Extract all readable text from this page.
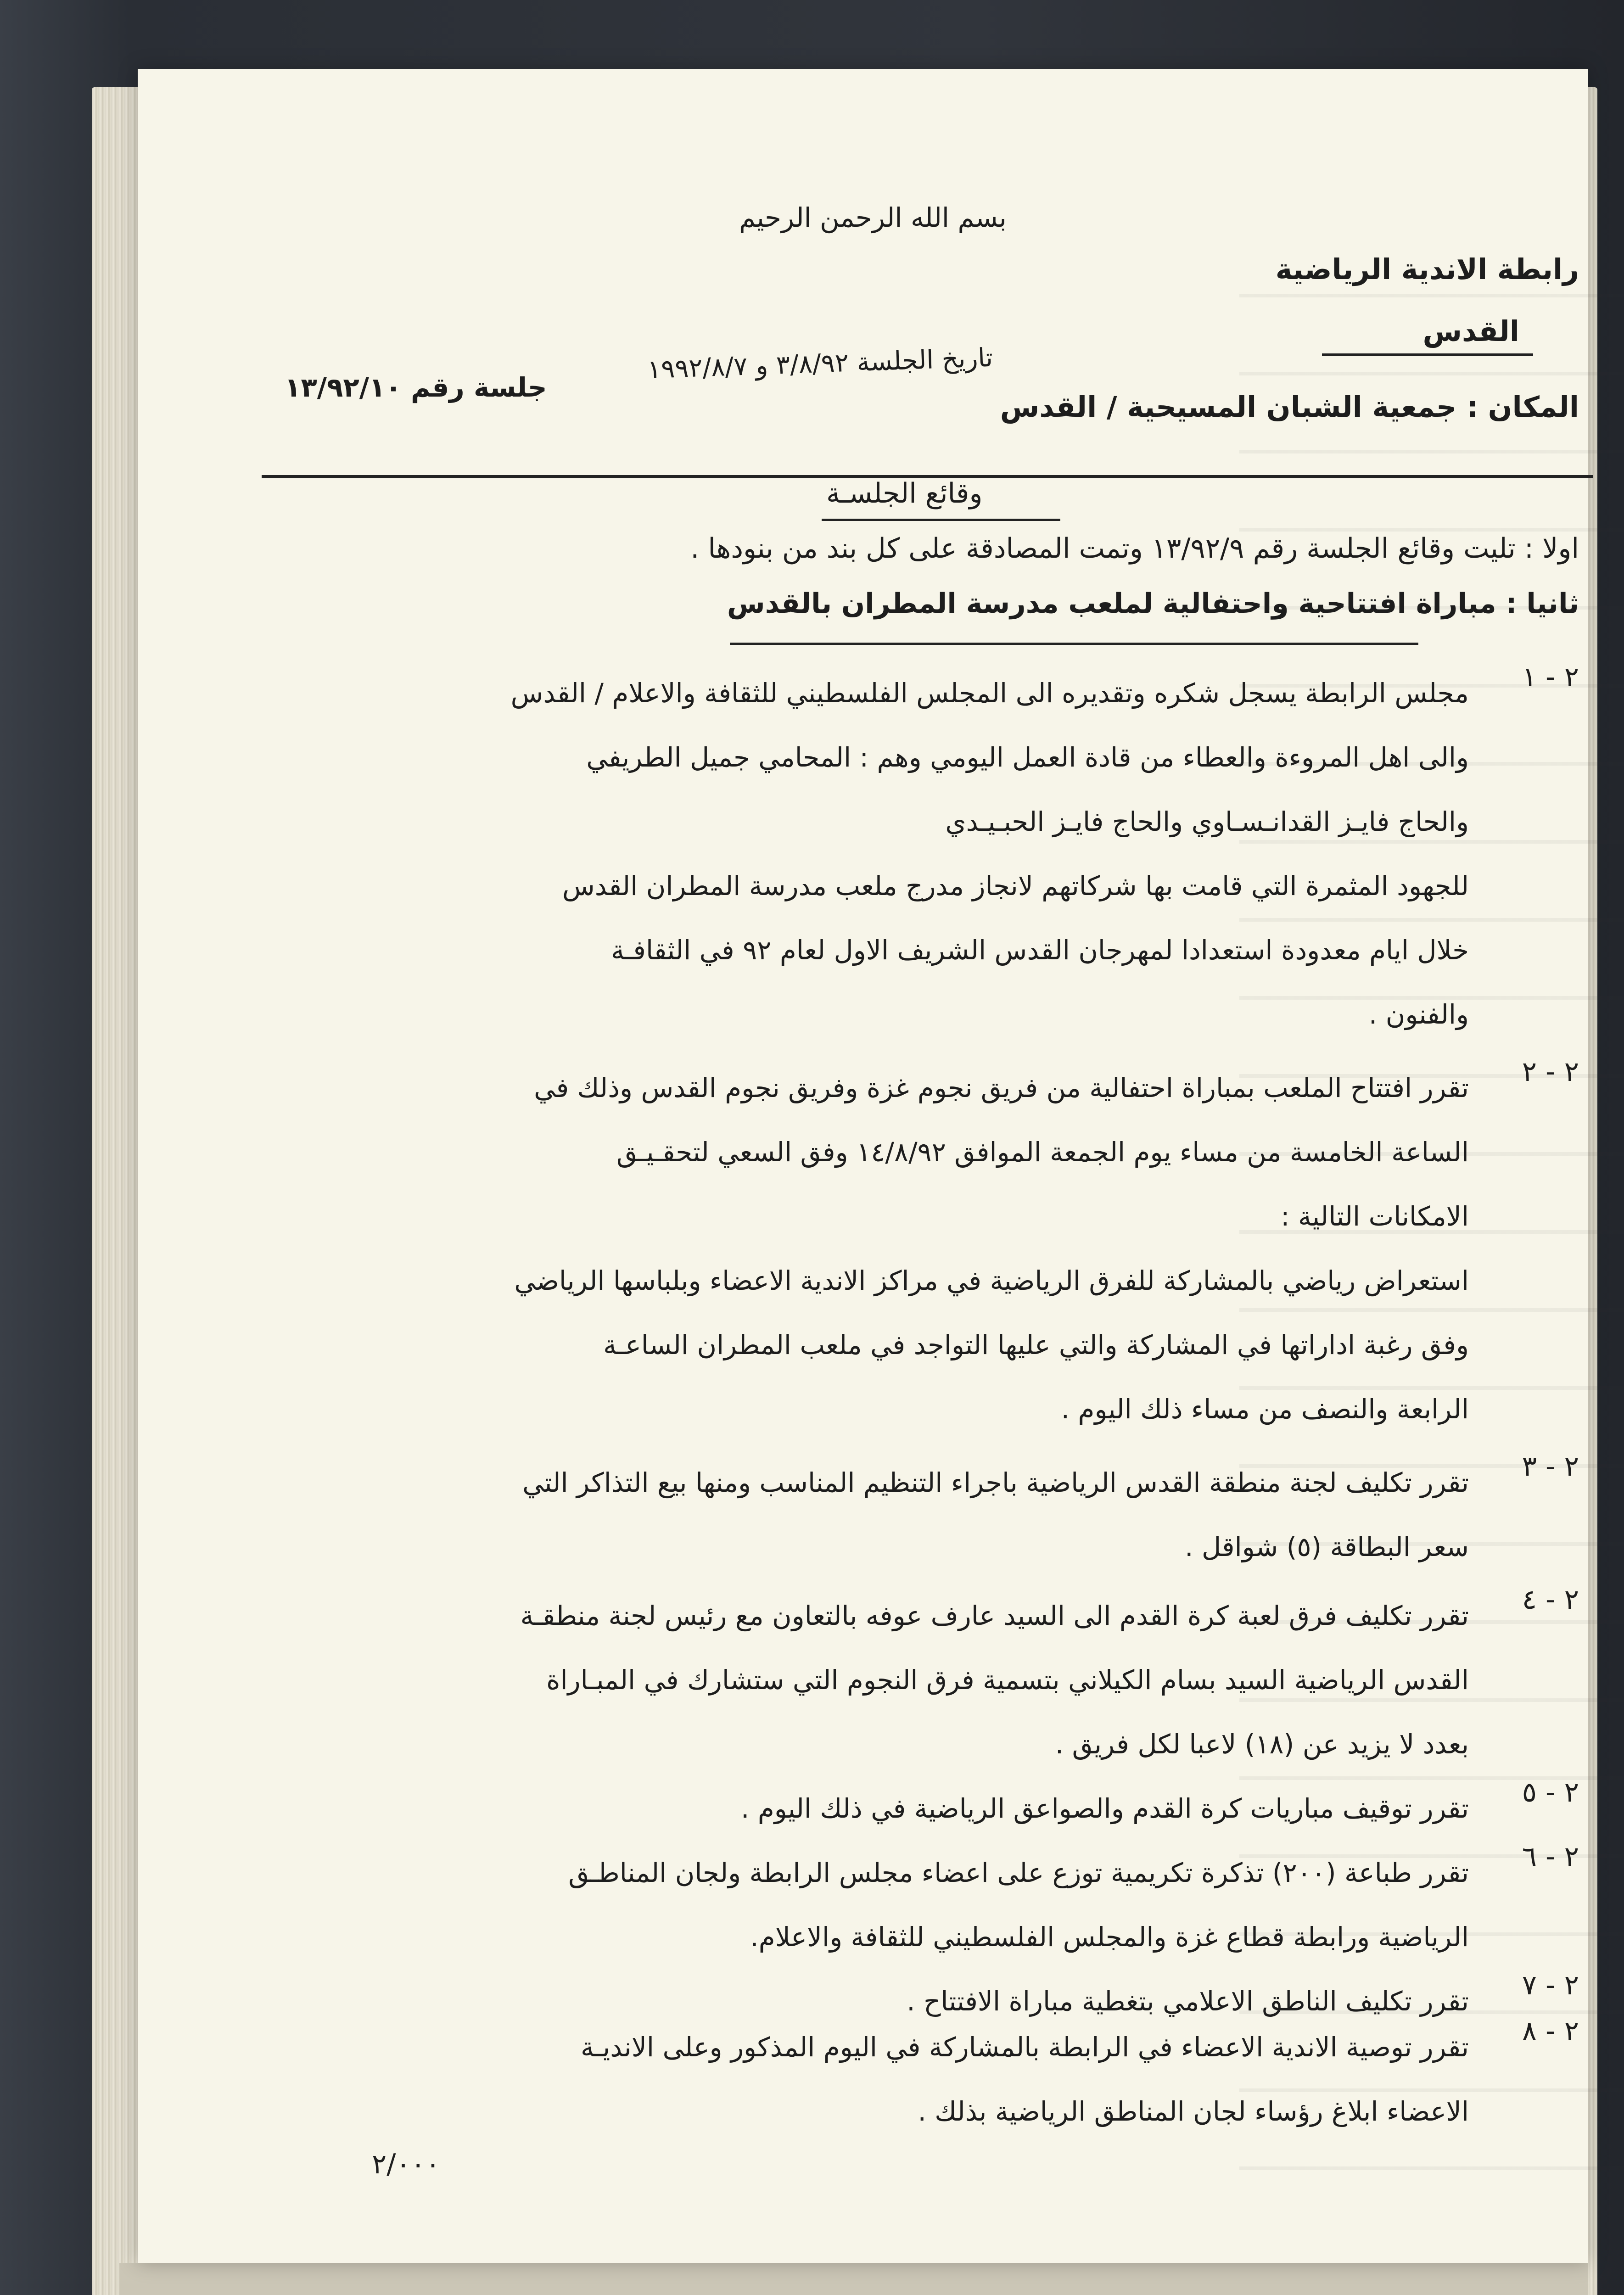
بسم الله الرحمن الرحيم
رابطة الاندية الرياضية
القدس
تاريخ الجلسة ٣/٨/٩٢ و ١٩٩٢/٨/٧
جلسة رقم ١٣/٩٢/١٠
المكان : جمعية الشبان المسيحية / القدس
وقائع الجلسـة
اولا : تليت وقائع الجلسة رقم ١٣/٩٢/٩ وتمت المصادقة على كل بند من بنودها .
ثانيا : مباراة افتتاحية واحتفالية لملعب مدرسة المطران بالقدس
٢ - ١
مجلس الرابطة يسجل شكره وتقديره الى المجلس الفلسطيني للثقافة والاعلام / القدس
والى اهل المروءة والعطاء من قادة العمل اليومي وهم : المحامي جميل الطريفي
والحاج فايـز القدانـسـاوي والحاج فايـز الحبـيـدي
للجهود المثمرة التي قامت بها شركاتهم لانجاز مدرج ملعب مدرسة المطران القدس
خلال ايام معدودة استعدادا لمهرجان القدس الشريف الاول لعام ٩٢ في الثقافـة
والفنون .
٢ - ٢
تقرر افتتاح الملعب بمباراة احتفالية من فريق نجوم غزة وفريق نجوم القدس وذلك في
الساعة الخامسة من مساء يوم الجمعة الموافق ١٤/٨/٩٢ وفق السعي لتحقـيـق
الامكانات التالية :
استعراض رياضي بالمشاركة للفرق الرياضية في مراكز الاندية الاعضاء وبلباسها الرياضي
وفق رغبة اداراتها في المشاركة والتي عليها التواجد في ملعب المطران الساعـة
الرابعة والنصف من مساء ذلك اليوم .
٢ - ٣
تقرر تكليف لجنة منطقة القدس الرياضية باجراء التنظيم المناسب ومنها بيع التذاكر التي
سعر البطاقة (٥) شواقل .
٢ - ٤
تقرر تكليف فرق لعبة كرة القدم الى السيد عارف عوفه بالتعاون مع رئيس لجنة منطقـة
القدس الرياضية السيد بسام الكيلاني بتسمية فرق النجوم التي ستشارك في المبـاراة
بعدد لا يزيد عن (١٨) لاعبا لكل فريق .
٢ - ٥
تقرر توقيف مباريات كرة القدم والصواعق الرياضية في ذلك اليوم .
٢ - ٦
تقرر طباعة (٢٠٠) تذكرة تكريمية توزع على اعضاء مجلس الرابطة ولجان المناطـق
الرياضية ورابطة قطاع غزة والمجلس الفلسطيني للثقافة والاعلام.
٢ - ٧
تقرر تكليف الناطق الاعلامي بتغطية مباراة الافتتاح .
٢ - ٨
تقرر توصية الاندية الاعضاء في الرابطة بالمشاركة في اليوم المذكور وعلى الانديـة
الاعضاء ابلاغ رؤساء لجان المناطق الرياضية بذلك .
٢/٠٠٠
